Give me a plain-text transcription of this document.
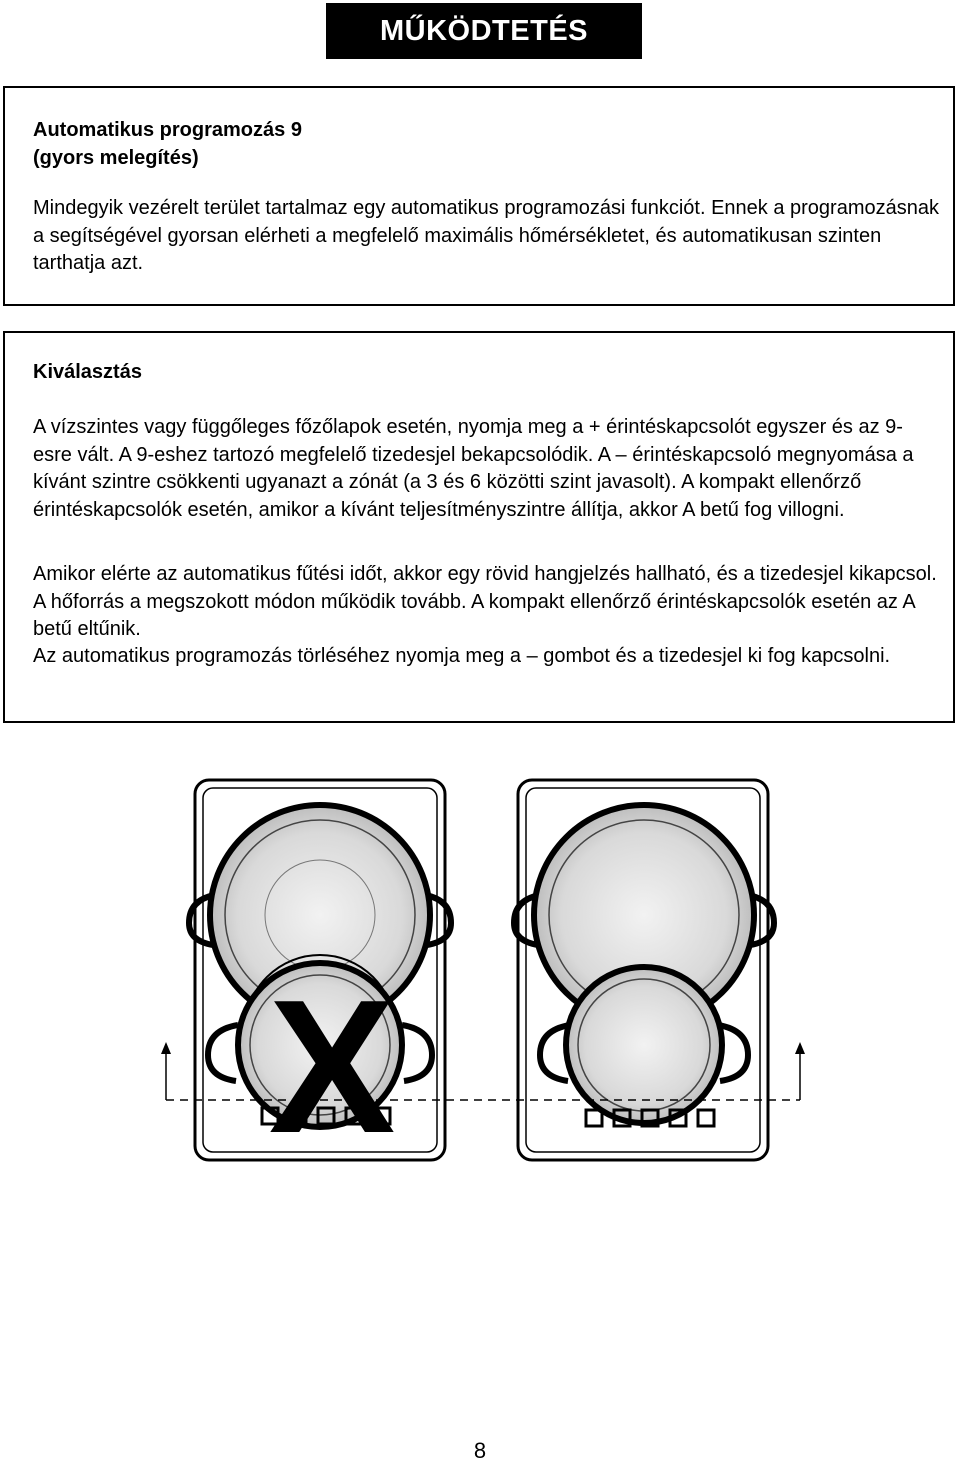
MŰKÖDTETÉS
Automatikus programozás 9
(gyors melegítés)
Mindegyik vezérelt terület tartalmaz egy automatikus programozási funkciót. Ennek a programozásnak a segítségével gyorsan elérheti a megfelelő maximális hőmérsékletet, és automatikusan szinten tarthatja azt.
Kiválasztás
A vízszintes vagy függőleges főzőlapok esetén, nyomja meg a + érintéskapcsolót egyszer és az 9-esre vált. A 9-eshez tartozó megfelelő tizedesjel bekapcsolódik. A – érintéskapcsoló megnyomása a kívánt szintre csökkenti ugyanazt a zónát (a 3 és 6 közötti szint javasolt). A kompakt ellenőrző érintéskapcsolók esetén, amikor a kívánt teljesítményszintre állítja, akkor A betű fog villogni.
Amikor elérte az automatikus fűtési időt, akkor egy rövid hangjelzés hallható, és a tizedesjel kikapcsol. A hőforrás a megszokott módon működik tovább. A kompakt ellenőrző érintéskapcsolók esetén az A betű eltűnik.
Az automatikus programozás törléséhez nyomja meg a – gombot és a tizedesjel ki fog kapcsolni.
X
8
